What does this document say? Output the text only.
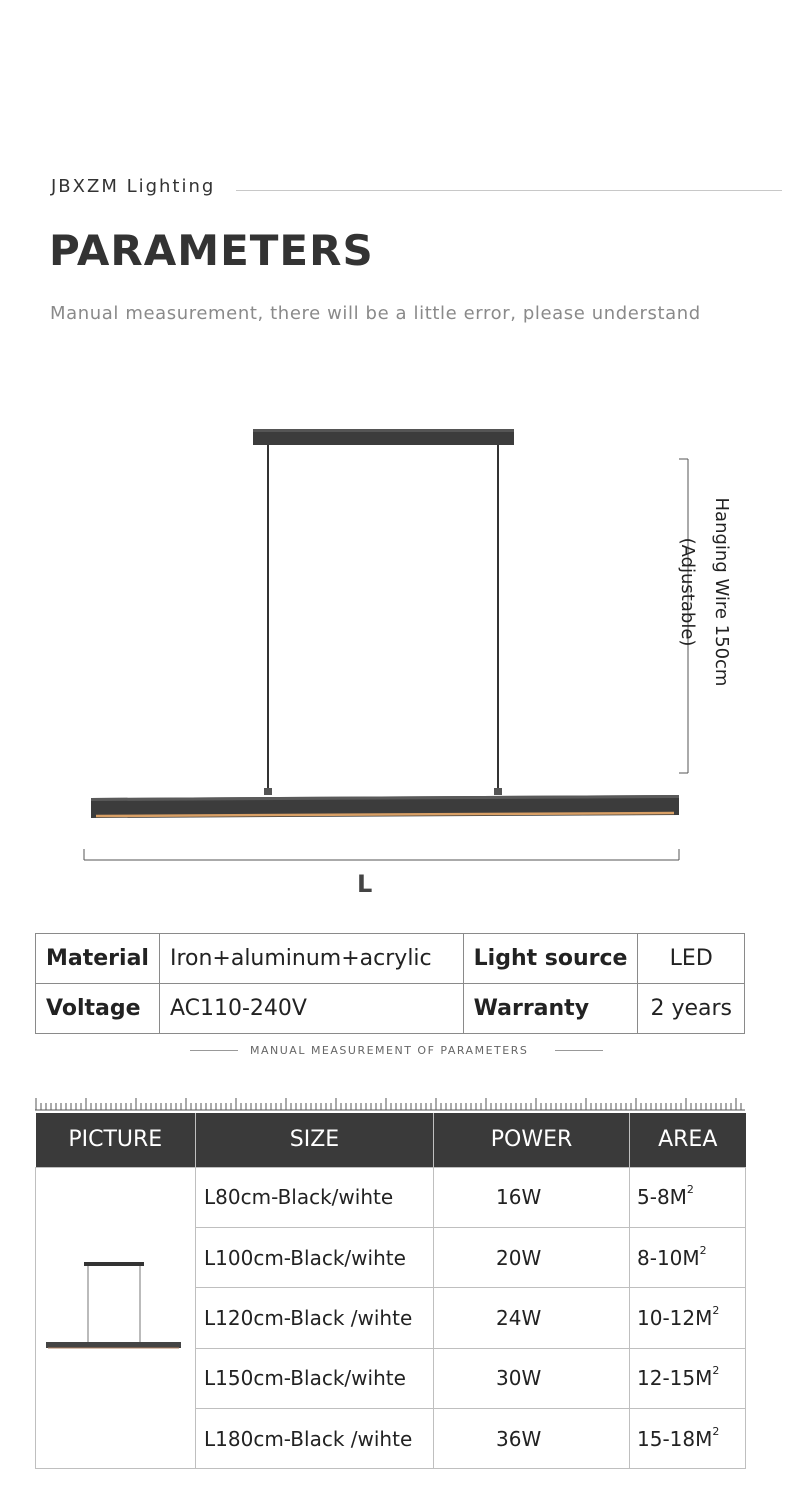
JBXZM Lighting
PARAMETERS
Manual measurement, there will be a little error, please understand
Hanging Wire 150cm
(Adjustable)
L
Material	Iron+aluminum+acrylic	Light source	LED
Voltage	AC110-240V	Warranty	2 years
MANUAL MEASUREMENT OF PARAMETERS
PICTURE	SIZE	POWER	AREA
	L80cm-Black/wihte	16W	$5-8M^2$
	L100cm-Black/wihte	20W	$8-10M^2$
	L120cm-Black /wihte	24W	$10-12M^2$
	L150cm-Black/wihte	30W	$12-15M^2$
	L180cm-Black /wihte	36W	$15-18M^2$
